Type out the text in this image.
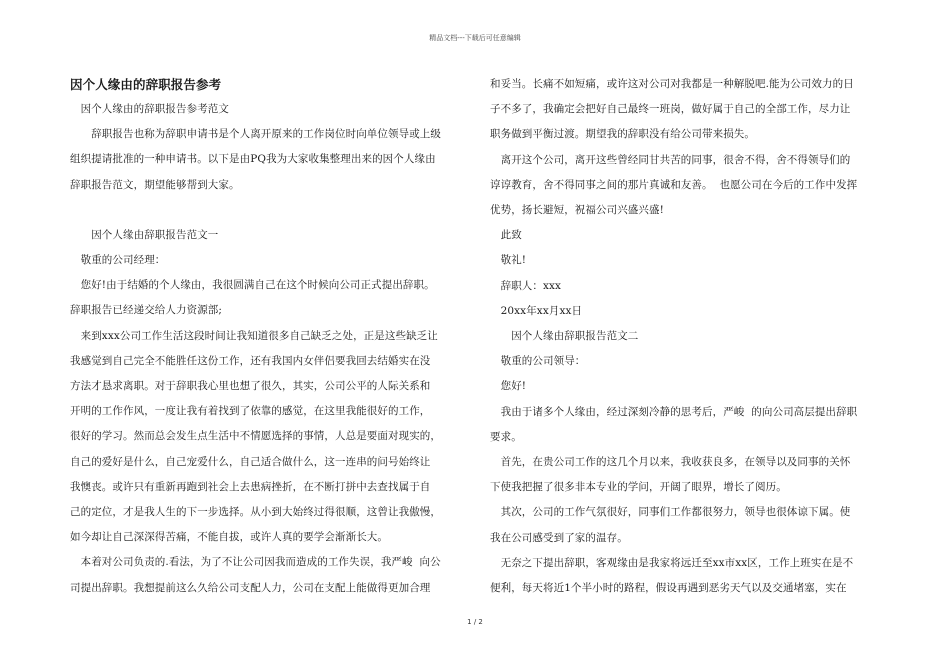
精品文档---下载后可任意编辑

因个人缘由的辞职报告参考

　因个人缘由的辞职报告参考范文

　　辞职报告也称为辞职申请书是个人离开原来的工作岗位时向单位领导或上级

组织提请批准的一种申请书。以下是由PQ我为大家收集整理出来的因个人缘由

辞职报告范文，期望能够帮到大家。

　　因个人缘由辞职报告范文一

　敬重的公司经理：

　您好!由于结婚的个人缘由，我很圆满自己在这个时候向公司正式提出辞职。

辞职报告已经递交给人力资源部;

　来到xxx公司工作生活这段时间让我知道很多自己缺乏之处，正是这些缺乏让

我感觉到自己完全不能胜任这份工作，还有我国内女伴侣要我回去结婚实在没

方法才恳求离职。对于辞职我心里也想了很久，其实，公司公平的人际关系和

开明的工作作风，一度让我有着找到了依靠的感觉，在这里我能很好的工作，

很好的学习。然而总会发生点生活中不情愿选择的事情，人总是要面对现实的，

自己的爱好是什么，自己宠爱什么，自己适合做什么，这一连串的问号始终让

我懊丧。或许只有重新再跑到社会上去患病挫折，在不断打拼中去查找属于自

己的定位，才是我人生的下一步选择。从小到大始终过得很顺，这曾让我傲慢，

如今却让自己深深得苦痛，不能自拔，或许人真的要学会渐渐长大。

　本着对公司负责的.看法，为了不让公司因我而造成的工作失误，我严峻  向公

司提出辞职。我想提前这么久给公司支配人力，公司在支配上能做得更加合理

和妥当。长痛不如短痛，或许这对公司对我都是一种解脱吧.能为公司效力的日

子不多了，我确定会把好自己最终一班岗，做好属于自己的全部工作，尽力让

职务做到平衡过渡。期望我的辞职没有给公司带来损失。

　离开这个公司，离开这些曾经同甘共苦的同事，很舍不得，舍不得领导们的

谆谆教育，舍不得同事之间的那片真诚和友善。  也愿公司在今后的工作中发挥

优势，扬长避短，祝福公司兴盛兴盛!

　此致

　敬礼!

　辞职人：xxx

　20xx年xx月xx日

　　因个人缘由辞职报告范文二

　敬重的公司领导：

　您好!

　我由于诸多个人缘由，经过深刻冷静的思考后，严峻  的向公司高层提出辞职

要求。

　首先，在贵公司工作的这几个月以来，我收获良多，在领导以及同事的关怀

下使我把握了很多非本专业的学问，开阔了眼界，增长了阅历。

　其次，公司的工作气氛很好，同事们工作都很努力，领导也很体谅下属。使

我在公司感受到了家的温存。

　无奈之下提出辞职，客观缘由是我家将远迁至xx市xx区，工作上班实在是不

便利，每天将近1个半小时的路程，假设再遇到恶劣天气以及交通堵塞，实在

1 / 2
